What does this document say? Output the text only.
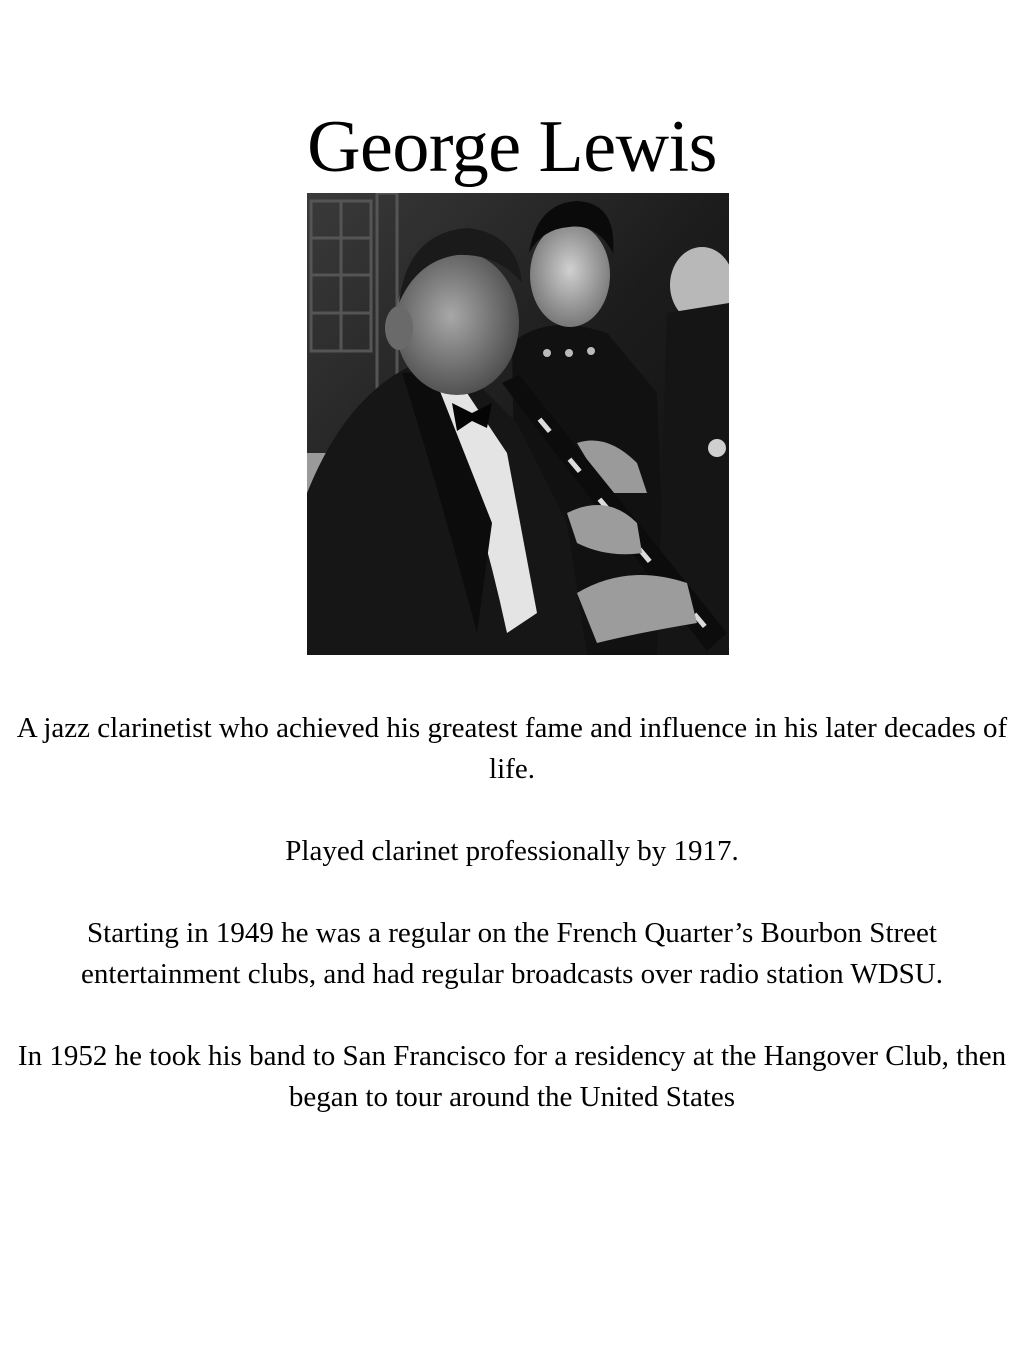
George Lewis

A jazz clarinetist who achieved his greatest fame and influence in his later decades of life.

Played clarinet professionally by 1917.

Starting in 1949 he was a regular on the French Quarter’s Bourbon Street entertainment clubs, and had regular broadcasts over radio station WDSU.

In 1952 he took his band to San Francisco for a residency at the Hangover Club, then began to tour around the United States
